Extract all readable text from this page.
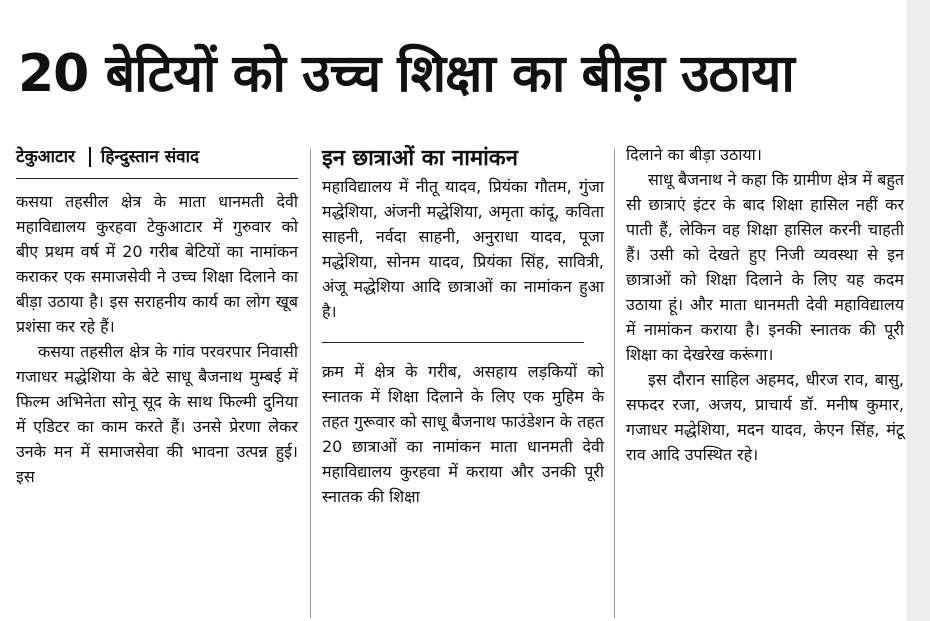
20 बेटियों को उच्च शिक्षा का बीड़ा उठाया
टेकुआटार हिन्दुस्तान संवाद

कसया तहसील क्षेत्र के माता धानमती देवी महाविद्यालय कुरहवा टेकुआटार में गुरुवार को बीए प्रथम वर्ष में 20 गरीब बेटियों का नामांकन कराकर एक समाजसेवी ने उच्च शिक्षा दिलाने का बीड़ा उठाया है। इस सराहनीय कार्य का लोग खूब प्रशंसा कर रहे हैं।

कसया तहसील क्षेत्र के गांव परवरपार निवासी गजाधर मद्धेशिया के बेटे साधू बैजनाथ मुम्बई में फिल्म अभिनेता सोनू सूद के साथ फिल्मी दुनिया में एडिटर का काम करते हैं। उनसे प्रेरणा लेकर उनके मन में समाजसेवा की भावना उत्पन्न हुई। इस

इन छात्राओं का नामांकन

महाविद्यालय में नीतू यादव, प्रियंका गौतम, गुंजा मद्धेशिया, अंजनी मद्धेशिया, अमृता कांदू, कविता साहनी, नर्वदा साहनी, अनुराधा यादव, पूजा मद्धेशिया, सोनम यादव, प्रियंका सिंह, सावित्री, अंजू मद्धेशिया आदि छात्राओं का नामांकन हुआ है।

क्रम में क्षेत्र के गरीब, असहाय लड़कियों को स्नातक में शिक्षा दिलाने के लिए एक मुहिम के तहत गुरूवार को साधू बैजनाथ फाउंडेशन के तहत 20 छात्राओं का नामांकन माता धानमती देवी महाविद्यालय कुरहवा में कराया और उनकी पूरी स्नातक की शिक्षा

दिलाने का बीड़ा उठाया।

साधू बैजनाथ ने कहा कि ग्रामीण क्षेत्र में बहुत सी छात्राएं इंटर के बाद शिक्षा हासिल नहीं कर पाती हैं, लेकिन वह शिक्षा हासिल करनी चाहती हैं। उसी को देखते हुए निजी व्यवस्था से इन छात्राओं को शिक्षा दिलाने के लिए यह कदम उठाया हूं। और माता धानमती देवी महाविद्यालय में नामांकन कराया है। इनकी स्नातक की पूरी शिक्षा का देखरेख करूंगा।

इस दौरान साहिल अहमद, धीरज राव, बासु, सफदर रजा, अजय, प्राचार्य डॉ. मनीष कुमार, गजाधर मद्धेशिया, मदन यादव, केएन सिंह, मंटू राव आदि उपस्थित रहे।
